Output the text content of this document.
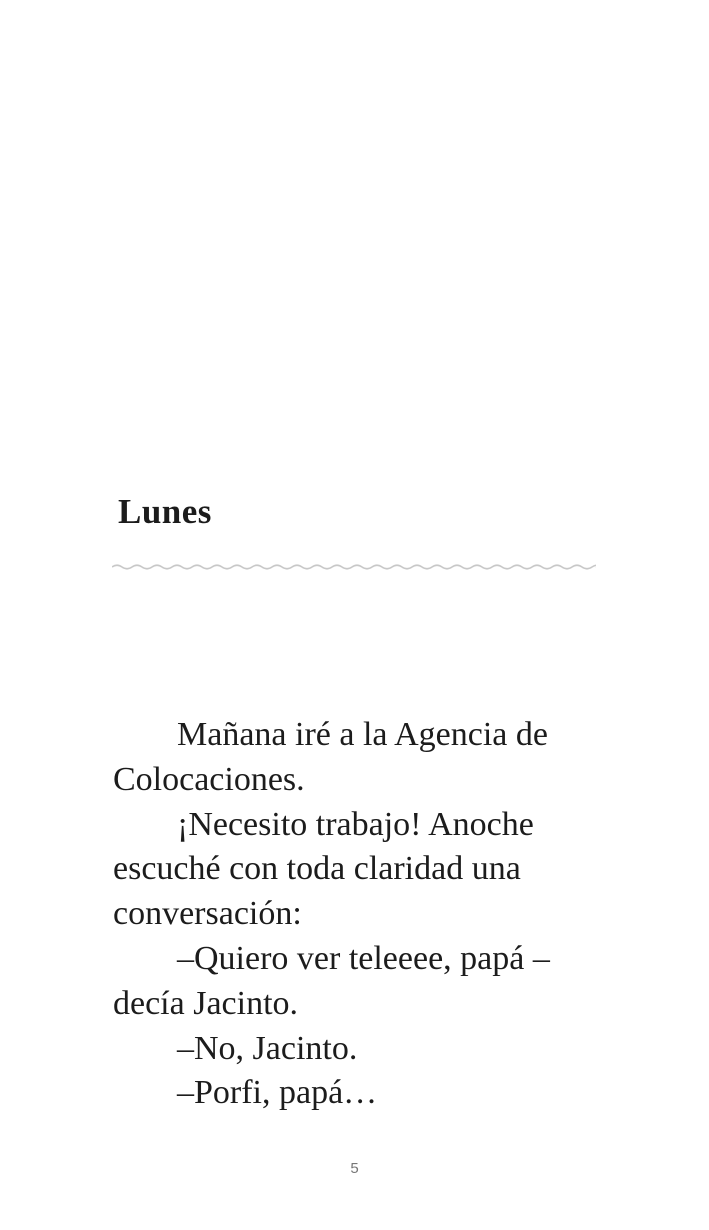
Lunes

Mañana iré a la Agencia de Colocaciones.

¡Necesito trabajo! Anoche escuché con toda claridad una conversación:

–Quiero ver teleeee, papá –decía Jacinto.

–No, Jacinto.

–Porfi, papá…

5
